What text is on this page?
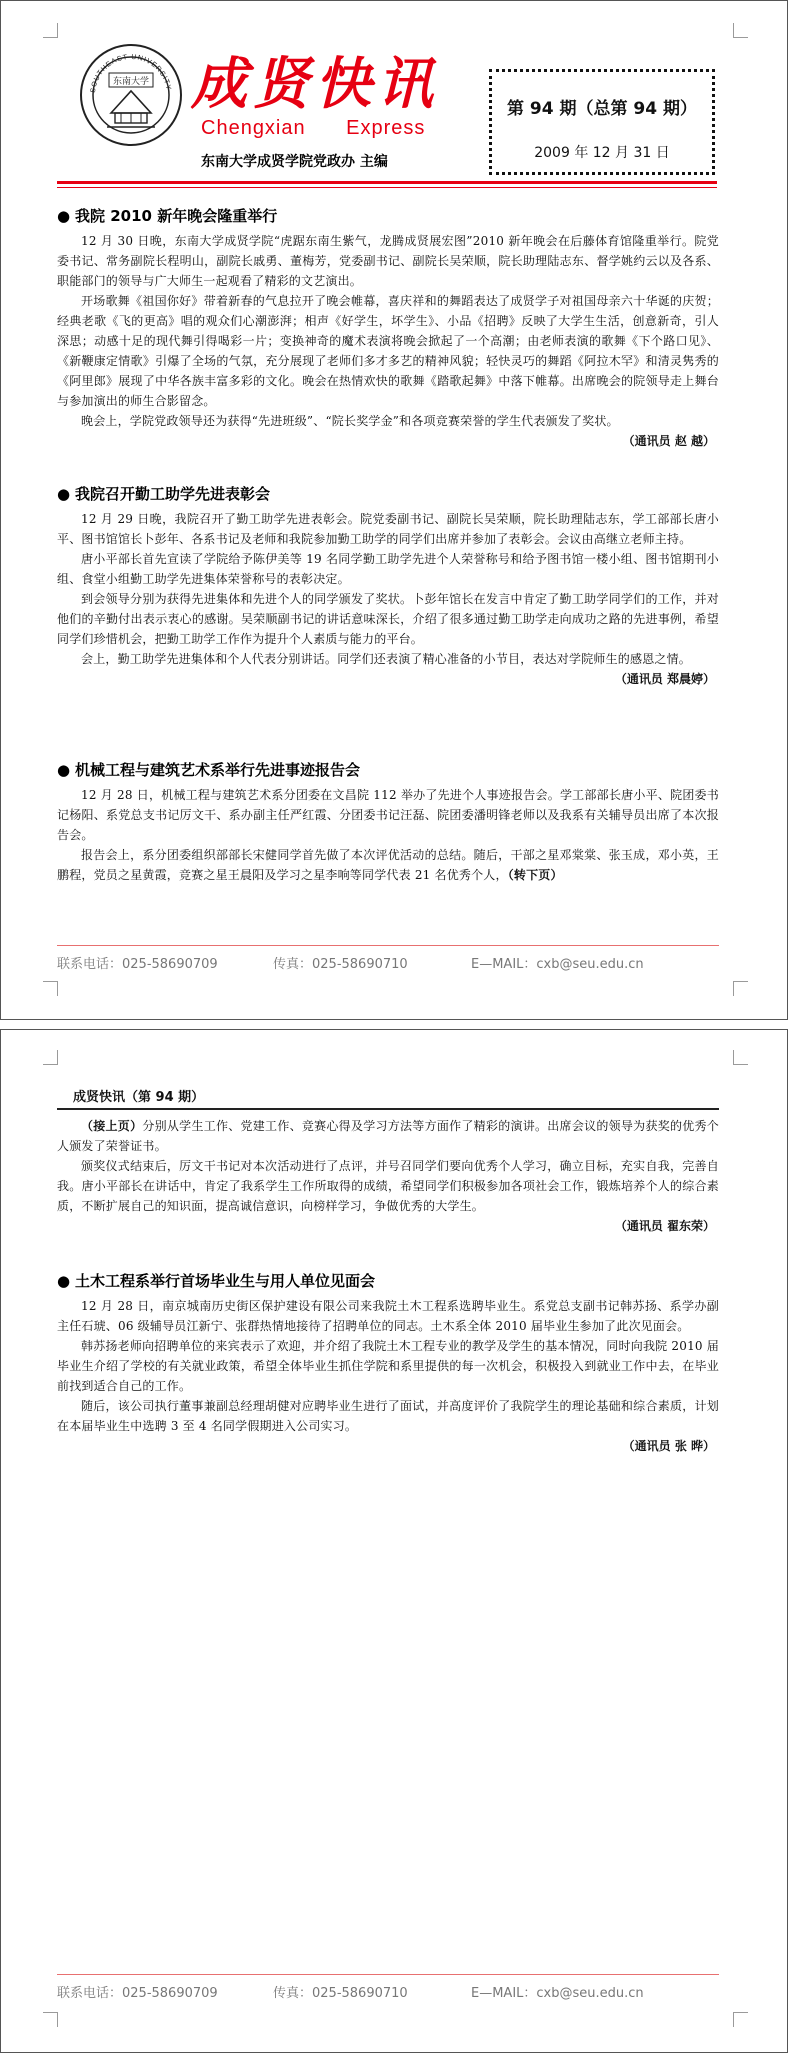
SOUTHEAST UNIVERSITY
东南大学 成贤快讯
Chengxian Express
东南大学成贤学院党政办 主编
第 94 期（总第 94 期）
2009 年 12 月 31 日
● 我院 2010 新年晚会隆重举行

12 月 30 日晚，东南大学成贤学院“虎踞东南生紫气，龙腾成贤展宏图”2010 新年晚会在后藤体育馆隆重举行。院党委书记、常务副院长程明山，副院长戚勇、董梅芳，党委副书记、副院长吴荣顺，院长助理陆志东、督学姚约云以及各系、职能部门的领导与广大师生一起观看了精彩的文艺演出。

开场歌舞《祖国你好》带着新春的气息拉开了晚会帷幕，喜庆祥和的舞蹈表达了成贤学子对祖国母亲六十华诞的庆贺；经典老歌《飞的更高》唱的观众们心潮澎湃；相声《好学生，坏学生》、小品《招聘》反映了大学生生活，创意新奇，引人深思；动感十足的现代舞引得喝彩一片；变换神奇的魔术表演将晚会掀起了一个高潮；由老师表演的歌舞《下个路口见》、《新鞭康定情歌》引爆了全场的气氛，充分展现了老师们多才多艺的精神风貌；轻快灵巧的舞蹈《阿拉木罕》和清灵隽秀的《阿里郎》展现了中华各族丰富多彩的文化。晚会在热情欢快的歌舞《踏歌起舞》中落下帷幕。出席晚会的院领导走上舞台与参加演出的师生合影留念。

晚会上，学院党政领导还为获得“先进班级”、“院长奖学金”和各项竞赛荣誉的学生代表颁发了奖状。

（通讯员 赵 越）
● 我院召开勤工助学先进表彰会

12 月 29 日晚，我院召开了勤工助学先进表彰会。院党委副书记、副院长吴荣顺，院长助理陆志东，学工部部长唐小平、图书馆馆长卜彭年、各系书记及老师和我院参加勤工助学的同学们出席并参加了表彰会。会议由高继立老师主持。

唐小平部长首先宣读了学院给予陈伊美等 19 名同学勤工助学先进个人荣誉称号和给予图书馆一楼小组、图书馆期刊小组、食堂小组勤工助学先进集体荣誉称号的表彰决定。

到会领导分别为获得先进集体和先进个人的同学颁发了奖状。卜彭年馆长在发言中肯定了勤工助学同学们的工作，并对他们的辛勤付出表示衷心的感谢。吴荣顺副书记的讲话意味深长，介绍了很多通过勤工助学走向成功之路的先进事例，希望同学们珍惜机会，把勤工助学工作作为提升个人素质与能力的平台。

会上，勤工助学先进集体和个人代表分别讲话。同学们还表演了精心准备的小节目，表达对学院师生的感恩之情。

（通讯员 郑晨婷）
● 机械工程与建筑艺术系举行先进事迹报告会

12 月 28 日，机械工程与建筑艺术系分团委在文昌院 112 举办了先进个人事迹报告会。学工部部长唐小平、院团委书记杨阳、系党总支书记厉文干、系办副主任严红霞、分团委书记汪磊、院团委潘明锋老师以及我系有关辅导员出席了本次报告会。

报告会上，系分团委组织部部长宋健同学首先做了本次评优活动的总结。随后，干部之星邓棠棠、张玉成，邓小英，王鹏程，党员之星黄霞，竞赛之星王晨阳及学习之星李响等同学代表 21 名优秀个人，（转下页）

联系电话：025-58690709	传真：025-58690710	E—MAIL：cxb@seu.edu.cn
成贤快讯（第 94 期）

（接上页）分别从学生工作、党建工作、竞赛心得及学习方法等方面作了精彩的演讲。出席会议的领导为获奖的优秀个人颁发了荣誉证书。

颁奖仪式结束后，厉文干书记对本次活动进行了点评，并号召同学们要向优秀个人学习，确立目标，充实自我，完善自我。唐小平部长在讲话中，肯定了我系学生工作所取得的成绩，希望同学们积极参加各项社会工作，锻炼培养个人的综合素质，不断扩展自己的知识面，提高诚信意识，向榜样学习，争做优秀的大学生。

（通讯员 翟东荣）
● 土木工程系举行首场毕业生与用人单位见面会

12 月 28 日，南京城南历史街区保护建设有限公司来我院土木工程系选聘毕业生。系党总支副书记韩苏扬、系学办副主任石琥、06 级辅导员江新宁、张群热情地接待了招聘单位的同志。土木系全体 2010 届毕业生参加了此次见面会。

韩苏扬老师向招聘单位的来宾表示了欢迎，并介绍了我院土木工程专业的教学及学生的基本情况，同时向我院 2010 届毕业生介绍了学校的有关就业政策，希望全体毕业生抓住学院和系里提供的每一次机会，积极投入到就业工作中去，在毕业前找到适合自己的工作。

随后，该公司执行董事兼副总经理胡健对应聘毕业生进行了面试，并高度评价了我院学生的理论基础和综合素质，计划在本届毕业生中选聘 3 至 4 名同学假期进入公司实习。

（通讯员 张 晔）
联系电话：025-58690709	传真：025-58690710	E—MAIL：cxb@seu.edu.cn
